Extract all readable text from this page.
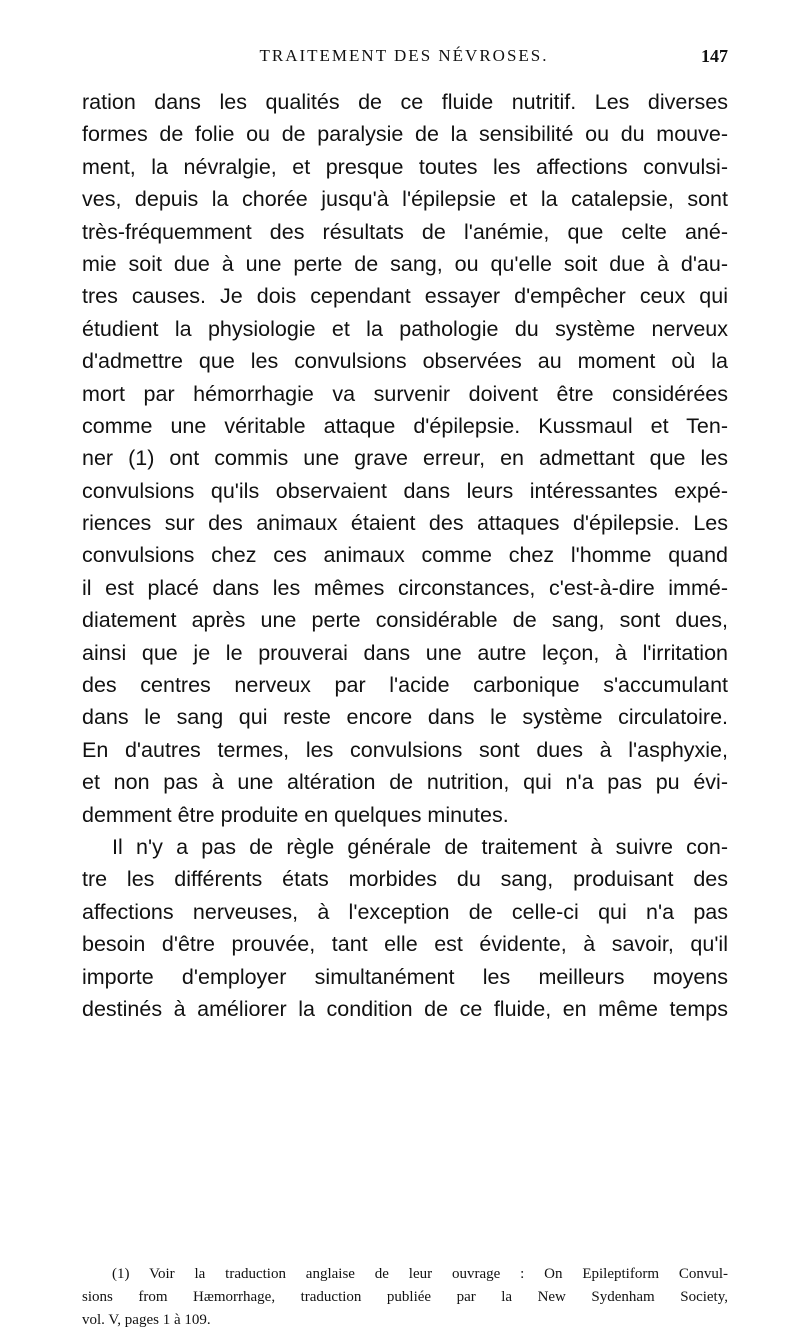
TRAITEMENT DES NÉVROSES.	147
ration dans les qualités de ce fluide nutritif. Les diverses
formes de folie ou de paralysie de la sensibilité ou du mouve-
ment, la névralgie, et presque toutes les affections convulsi-
ves, depuis la chorée jusqu'à l'épilepsie et la catalepsie, sont
très-fréquemment des résultats de l'anémie, que celte ané-
mie soit due à une perte de sang, ou qu'elle soit due à d'au-
tres causes. Je dois cependant essayer d'empêcher ceux qui
étudient la physiologie et la pathologie du système nerveux
d'admettre que les convulsions observées au moment où la
mort par hémorrhagie va survenir doivent être considérées
comme une véritable attaque d'épilepsie. Kussmaul et Ten-
ner (1) ont commis une grave erreur, en admettant que les
convulsions qu'ils observaient dans leurs intéressantes expé-
riences sur des animaux étaient des attaques d'épilepsie. Les
convulsions chez ces animaux comme chez l'homme quand
il est placé dans les mêmes circonstances, c'est-à-dire immé-
diatement après une perte considérable de sang, sont dues,
ainsi que je le prouverai dans une autre leçon, à l'irritation
des centres nerveux par l'acide carbonique s'accumulant
dans le sang qui reste encore dans le système circulatoire.
En d'autres termes, les convulsions sont dues à l'asphyxie,
et non pas à une altération de nutrition, qui n'a pas pu évi-
demment être produite en quelques minutes.
Il n'y a pas de règle générale de traitement à suivre con-
tre les différents états morbides du sang, produisant des
affections nerveuses, à l'exception de celle-ci qui n'a pas
besoin d'être prouvée, tant elle est évidente, à savoir, qu'il
importe d'employer simultanément les meilleurs moyens
destinés à améliorer la condition de ce fluide, en même temps
(1) Voir la traduction anglaise de leur ouvrage : On Epileptiform Convul-
sions from Hæmorrhage, traduction publiée par la New Sydenham Society,
vol. V, pages 1 à 109.
